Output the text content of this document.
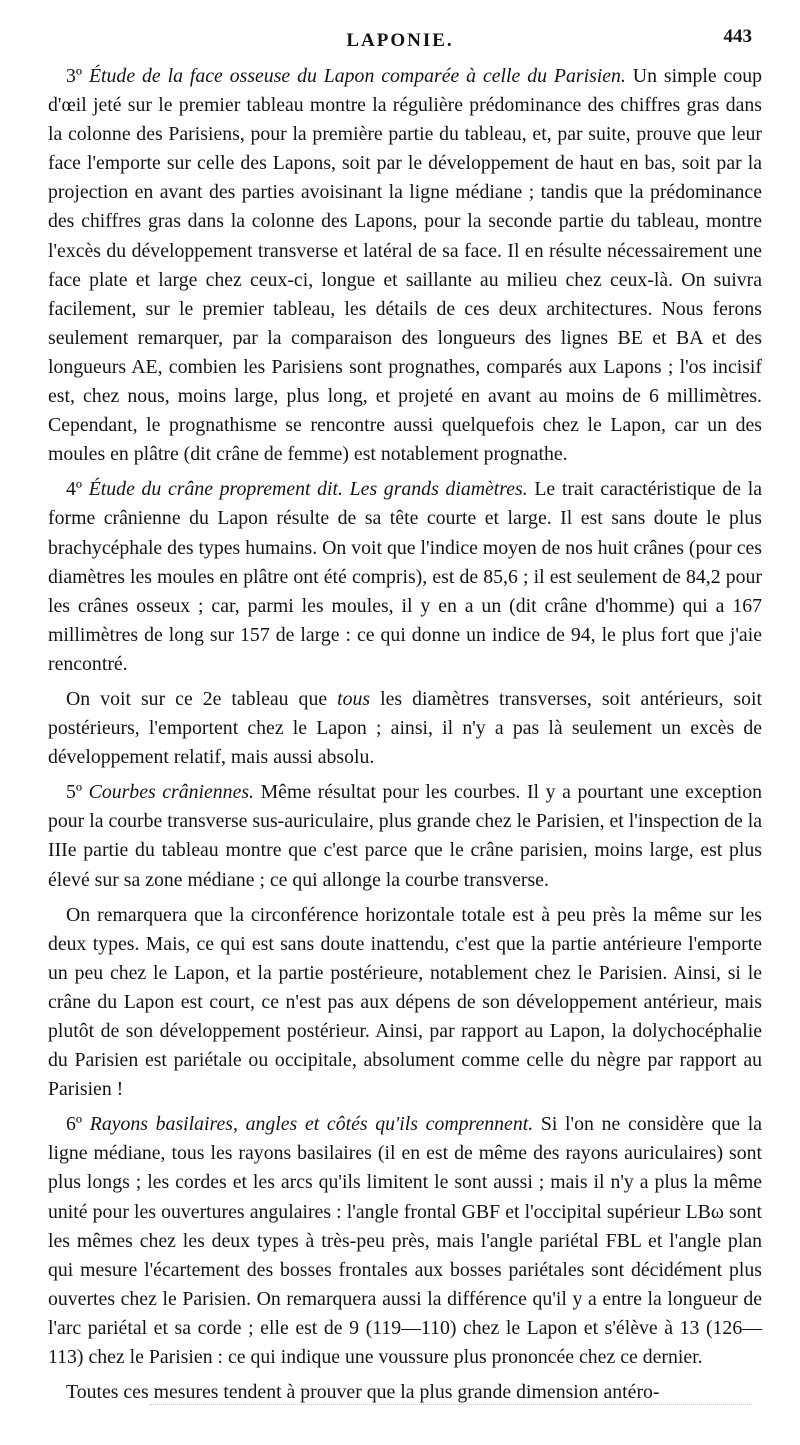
LAPONIE.	443

3º Étude de la face osseuse du Lapon comparée à celle du Parisien. Un simple coup d'œil jeté sur le premier tableau montre la régulière prédominance des chiffres gras dans la colonne des Parisiens, pour la première partie du tableau, et, par suite, prouve que leur face l'emporte sur celle des Lapons, soit par le développement de haut en bas, soit par la projection en avant des parties avoisinant la ligne médiane ; tandis que la prédominance des chiffres gras dans la colonne des Lapons, pour la seconde partie du tableau, montre l'excès du développement transverse et latéral de sa face. Il en résulte nécessairement une face plate et large chez ceux-ci, longue et saillante au milieu chez ceux-là. On suivra facilement, sur le premier tableau, les détails de ces deux architectures. Nous ferons seulement remarquer, par la comparaison des longueurs des lignes BE et BA et des longueurs AE, combien les Parisiens sont prognathes, comparés aux Lapons ; l'os incisif est, chez nous, moins large, plus long, et projeté en avant au moins de 6 millimètres. Cependant, le prognathisme se rencontre aussi quelquefois chez le Lapon, car un des moules en plâtre (dit crâne de femme) est notablement prognathe.

4º Étude du crâne proprement dit. Les grands diamètres. Le trait caractéristique de la forme crânienne du Lapon résulte de sa tête courte et large. Il est sans doute le plus brachycéphale des types humains. On voit que l'indice moyen de nos huit crânes (pour ces diamètres les moules en plâtre ont été compris), est de 85,6 ; il est seulement de 84,2 pour les crânes osseux ; car, parmi les moules, il y en a un (dit crâne d'homme) qui a 167 millimètres de long sur 157 de large : ce qui donne un indice de 94, le plus fort que j'aie rencontré.

On voit sur ce 2e tableau que tous les diamètres transverses, soit antérieurs, soit postérieurs, l'emportent chez le Lapon ; ainsi, il n'y a pas là seulement un excès de développement relatif, mais aussi absolu.

5º Courbes crâniennes. Même résultat pour les courbes. Il y a pourtant une exception pour la courbe transverse sus-auriculaire, plus grande chez le Parisien, et l'inspection de la IIIe partie du tableau montre que c'est parce que le crâne parisien, moins large, est plus élevé sur sa zone médiane ; ce qui allonge la courbe transverse.

On remarquera que la circonférence horizontale totale est à peu près la même sur les deux types. Mais, ce qui est sans doute inattendu, c'est que la partie antérieure l'emporte un peu chez le Lapon, et la partie postérieure, notablement chez le Parisien. Ainsi, si le crâne du Lapon est court, ce n'est pas aux dépens de son développement antérieur, mais plutôt de son développement postérieur. Ainsi, par rapport au Lapon, la dolychocéphalie du Parisien est pariétale ou occipitale, absolument comme celle du nègre par rapport au Parisien !

6º Rayons basilaires, angles et côtés qu'ils comprennent. Si l'on ne considère que la ligne médiane, tous les rayons basilaires (il en est de même des rayons auriculaires) sont plus longs ; les cordes et les arcs qu'ils limitent le sont aussi ; mais il n'y a plus la même unité pour les ouvertures angulaires : l'angle frontal GBF et l'occipital supérieur LBω sont les mêmes chez les deux types à très-peu près, mais l'angle pariétal FBL et l'angle plan qui mesure l'écartement des bosses frontales aux bosses pariétales sont décidément plus ouvertes chez le Parisien. On remarquera aussi la différence qu'il y a entre la longueur de l'arc pariétal et sa corde ; elle est de 9 (119—110) chez le Lapon et s'élève à 13 (126—113) chez le Parisien : ce qui indique une voussure plus prononcée chez ce dernier.

Toutes ces mesures tendent à prouver que la plus grande dimension antéro-
